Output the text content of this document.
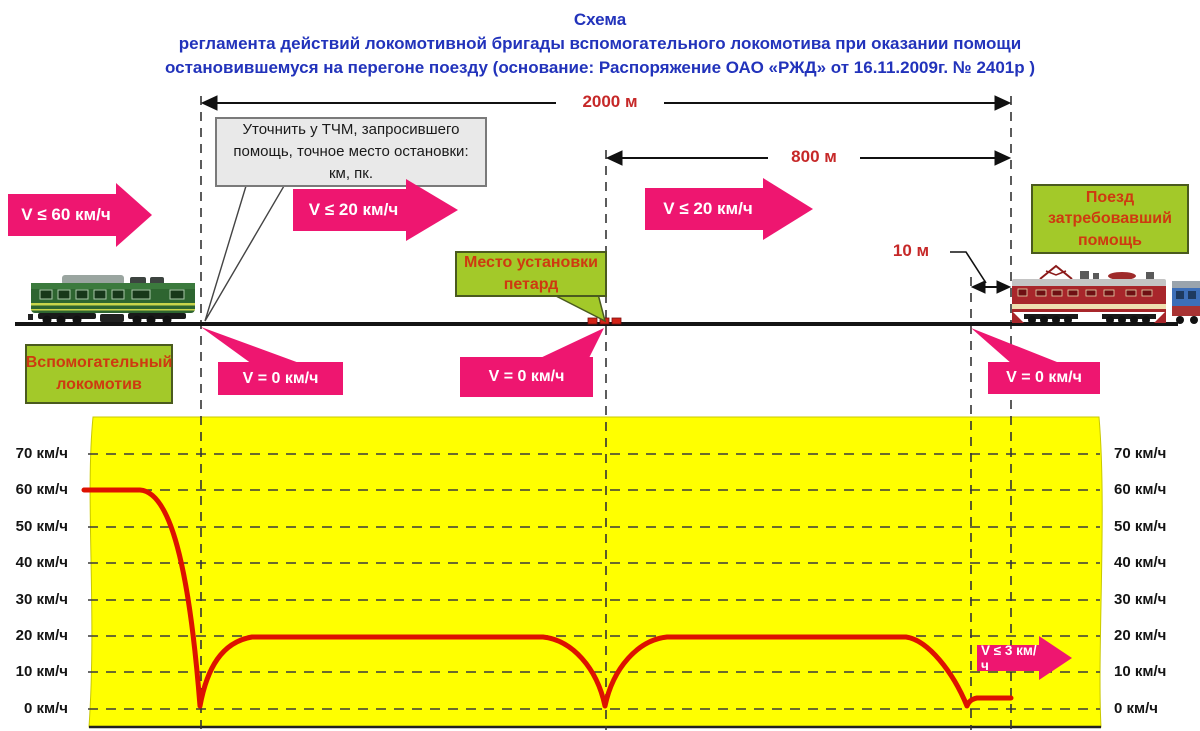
Схема
регламента действий локомотивной бригады вспомогательного локомотива при оказании помощи
остановившемуся на перегоне поезду (основание: Распоряжение ОАО «РЖД» от 16.11.2009г. № 2401р )
2000 м
800 м
10 м
Уточнить у ТЧМ, запросившего помощь, точное место остановки: км, пк.
V ≤ 60 км/ч	V ≤ 20 км/ч	V ≤ 20 км/ч
V ≤ 3 км/ч
Вспомогательный локомотив
Поезд затребовавший помощь
Место установки петард
V = 0 км/ч	V = 0 км/ч	V = 0 км/ч
70 км/ч
60 км/ч
50 км/ч
40 км/ч
30 км/ч
20 км/ч
10 км/ч
0 км/ч
70 км/ч
60 км/ч
50 км/ч
40 км/ч
30 км/ч
20 км/ч
10 км/ч
0 км/ч
